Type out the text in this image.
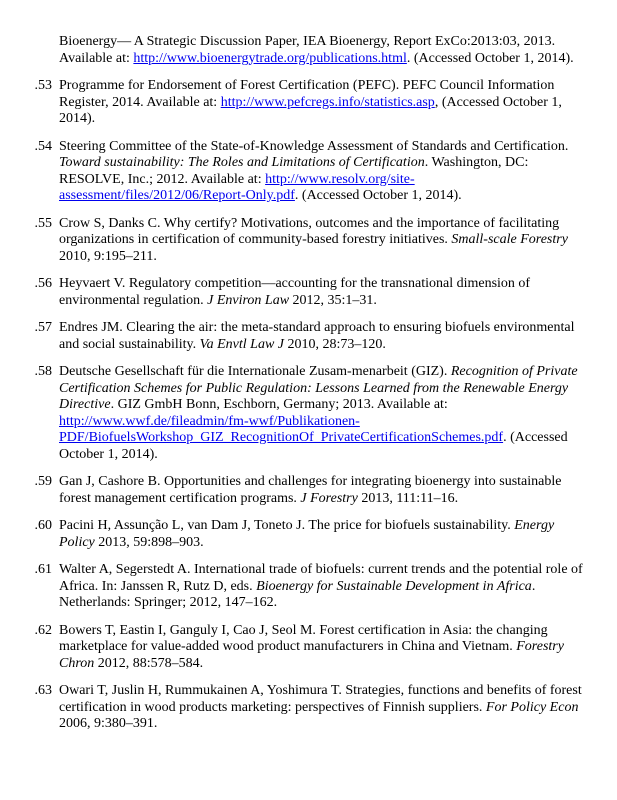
Bioenergy— A Strategic Discussion Paper, IEA Bioenergy, Report ExCo:2013:03, 2013. Available at: http://www.bioenergytrade.org/publications.html. (Accessed October 1, 2014).
53. Programme for Endorsement of Forest Certification (PEFC). PEFC Council Information Register, 2014. Available at: http://www.pefcregs.info/statistics.asp, (Accessed October 1, 2014).
54. Steering Committee of the State-of-Knowledge Assessment of Standards and Certification. Toward sustainability: The Roles and Limitations of Certification. Washington, DC: RESOLVE, Inc.; 2012. Available at: http://www.resolv.org/site-assessment/files/2012/06/Report-Only.pdf. (Accessed October 1, 2014).
55. Crow S, Danks C. Why certify? Motivations, outcomes and the importance of facilitating organizations in certification of community-based forestry initiatives. Small-scale Forestry 2010, 9:195–211.
56. Heyvaert V. Regulatory competition—accounting for the transnational dimension of environmental regulation. J Environ Law 2012, 35:1–31.
57. Endres JM. Clearing the air: the meta-standard approach to ensuring biofuels environmental and social sustainability. Va Envtl Law J 2010, 28:73–120.
58. Deutsche Gesellschaft für die Internationale Zusam-menarbeit (GIZ). Recognition of Private Certification Schemes for Public Regulation: Lessons Learned from the Renewable Energy Directive. GIZ GmbH Bonn, Eschborn, Germany; 2013. Available at: http://www.wwf.de/fileadmin/fm-wwf/Publikationen-PDF/BiofuelsWorkshop_GIZ_RecognitionOf_PrivateCertificationSchemes.pdf. (Accessed October 1, 2014).
59. Gan J, Cashore B. Opportunities and challenges for integrating bioenergy into sustainable forest management certification programs. J Forestry 2013, 111:11–16.
60. Pacini H, Assunção L, van Dam J, Toneto J. The price for biofuels sustainability. Energy Policy 2013, 59:898–903.
61. Walter A, Segerstedt A. International trade of biofuels: current trends and the potential role of Africa. In: Janssen R, Rutz D, eds. Bioenergy for Sustainable Development in Africa. Netherlands: Springer; 2012, 147–162.
62. Bowers T, Eastin I, Ganguly I, Cao J, Seol M. Forest certification in Asia: the changing marketplace for value-added wood product manufacturers in China and Vietnam. Forestry Chron 2012, 88:578–584.
63. Owari T, Juslin H, Rummukainen A, Yoshimura T. Strategies, functions and benefits of forest certification in wood products marketing: perspectives of Finnish suppliers. For Policy Econ 2006, 9:380–391.
